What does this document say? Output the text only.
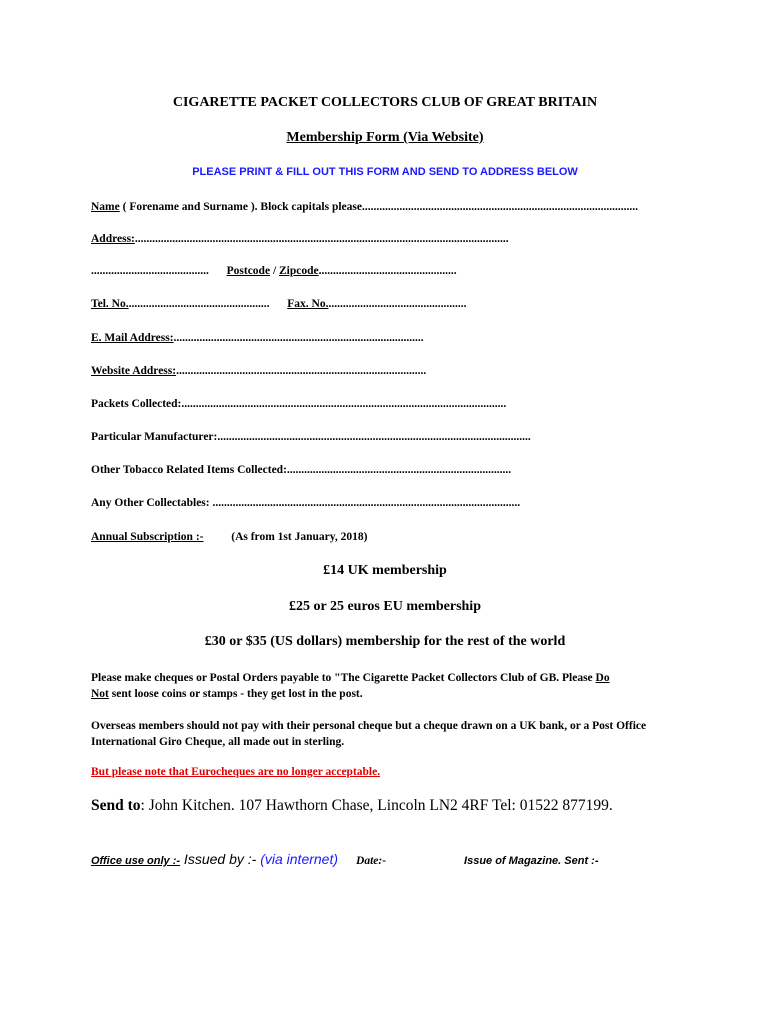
CIGARETTE PACKET COLLECTORS CLUB OF GREAT BRITAIN
Membership Form (Via Website)
PLEASE PRINT & FILL OUT THIS FORM AND SEND TO ADDRESS BELOW
Name ( Forename and Surname ). Block capitals please................................................................................................
Address:..................................................................................................................................
......................................... Postcode / Zipcode................................................
Tel. No.................................................. Fax. No.................................................
E. Mail Address:.......................................................................................
Website Address:.......................................................................................
Packets Collected:.................................................................................................................
Particular Manufacturer:.............................................................................................................
Other Tobacco Related Items Collected:..............................................................................
Any Other Collectables: ...........................................................................................................
Annual Subscription :- (As from 1st January, 2018)
£14 UK membership
£25 or 25 euros EU membership
£30 or $35 (US dollars) membership for the rest of the world
Please make cheques or Postal Orders payable to "The Cigarette Packet Collectors Club of GB. Please Do
Not sent loose coins or stamps - they get lost in the post.
Overseas members should not pay with their personal cheque but a cheque drawn on a UK bank, or a Post Office International Giro Cheque, all made out in sterling.
But please note that Eurocheques are no longer acceptable.
Send to: John Kitchen. 107 Hawthorn Chase, Lincoln LN2 4RF Tel: 01522 877199.
Office use only :- Issued by :- (via internet) Date:-	Issue of Magazine. Sent :-
